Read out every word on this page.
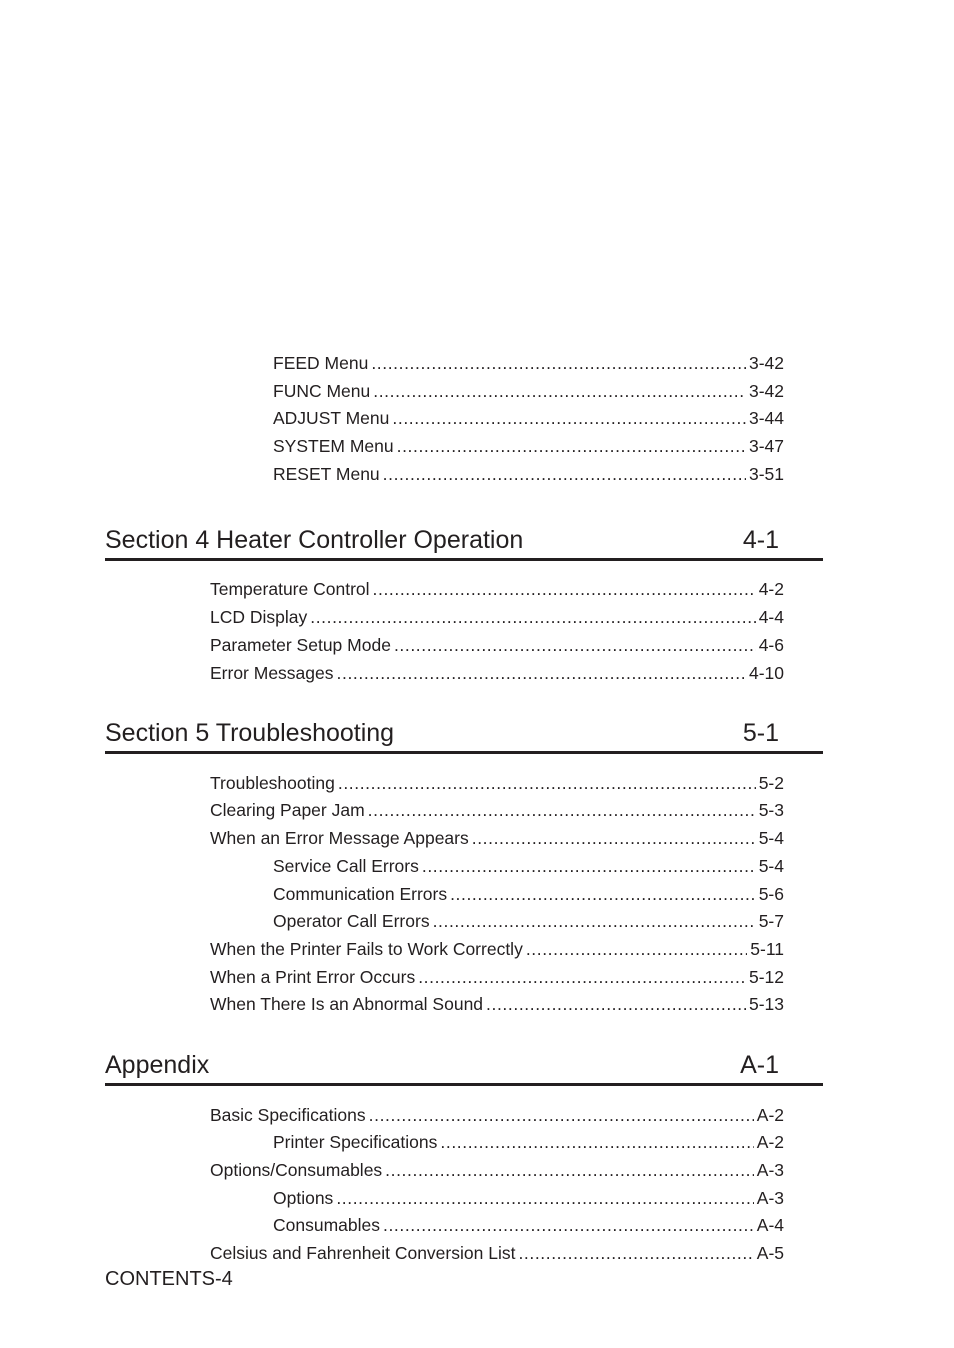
FEED Menu .....	3-42
FUNC Menu .....	3-42
ADJUST Menu .....	3-44
SYSTEM Menu .....	3-47
RESET Menu .....	3-51
Section 4 Heater Controller Operation	4-1
Temperature Control .....	4-2
LCD Display .....	4-4
Parameter Setup Mode .....	4-6
Error Messages .....	4-10
Section 5 Troubleshooting	5-1
Troubleshooting .....	5-2
Clearing Paper Jam .....	5-3
When an Error Message Appears .....	5-4
Service Call Errors .....	5-4
Communication Errors .....	5-6
Operator Call Errors .....	5-7
When the Printer Fails to Work Correctly .....	5-11
When a Print Error Occurs .....	5-12
When There Is an Abnormal Sound .....	5-13
Appendix	A-1
Basic Specifications .....	A-2
Printer Specifications .....	A-2
Options/Consumables .....	A-3
Options .....	A-3
Consumables .....	A-4
Celsius and Fahrenheit Conversion List .....	A-5
CONTENTS-4
